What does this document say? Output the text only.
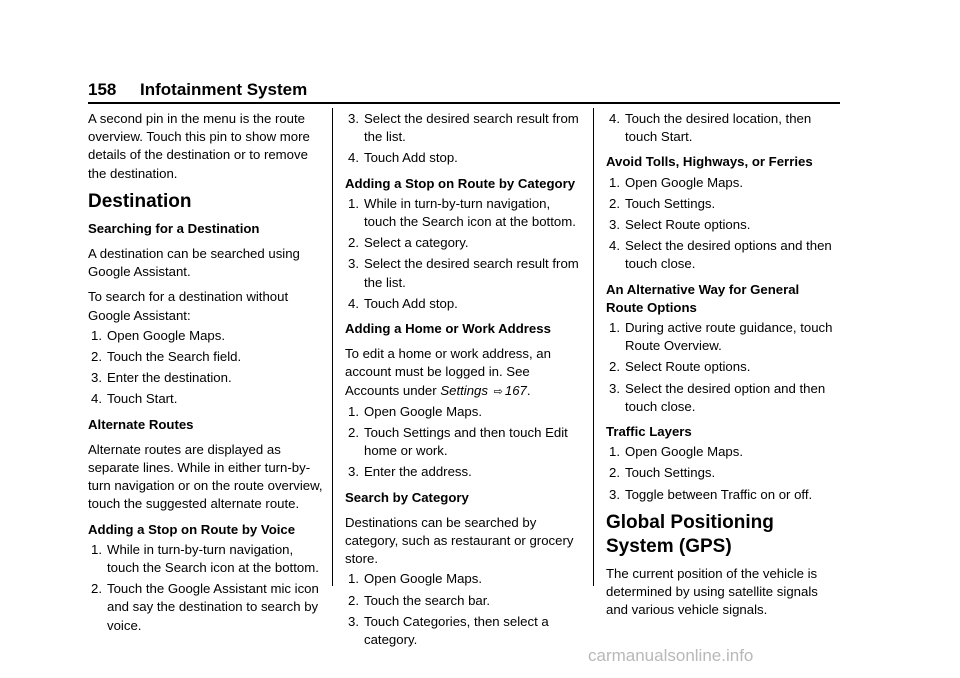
158 Infotainment System

A second pin in the menu is the route overview. Touch this pin to show more details of the destination or to remove the destination.

Destination
Searching for a Destination

A destination can be searched using Google Assistant.

To search for a destination without Google Assistant:

1. Open Google Maps.
2. Touch the Search field.
3. Enter the destination.
4. Touch Start.
Alternate Routes

Alternate routes are displayed as separate lines. While in either turn-by-turn navigation or on the route overview, touch the suggested alternate route.

Adding a Stop on Route by Voice
1. While in turn-by-turn navigation, touch the Search icon at the bottom.
2. Touch the Google Assistant mic icon and say the destination to search by voice.
3. Select the desired search result from the list.
4. Touch Add stop.
Adding a Stop on Route by Category
1. While in turn-by-turn navigation, touch the Search icon at the bottom.
2. Select a category.
3. Select the desired search result from the list.
4. Touch Add stop.
Adding a Home or Work Address

To edit a home or work address, an account must be logged in. See Accounts under Settings ⇨ 167.

1. Open Google Maps.
2. Touch Settings and then touch Edit home or work.
3. Enter the address.
Search by Category

Destinations can be searched by category, such as restaurant or grocery store.

1. Open Google Maps.
2. Touch the search bar.
3. Touch Categories, then select a category.
4. Touch the desired location, then touch Start.
Avoid Tolls, Highways, or Ferries
1. Open Google Maps.
2. Touch Settings.
3. Select Route options.
4. Select the desired options and then touch close.
An Alternative Way for General Route Options
1. During active route guidance, touch Route Overview.
2. Select Route options.
3. Select the desired option and then touch close.
Traffic Layers
1. Open Google Maps.
2. Touch Settings.
3. Toggle between Traffic on or off.
Global Positioning System (GPS)

The current position of the vehicle is determined by using satellite signals and various vehicle signals.

carmanualsonline.info
